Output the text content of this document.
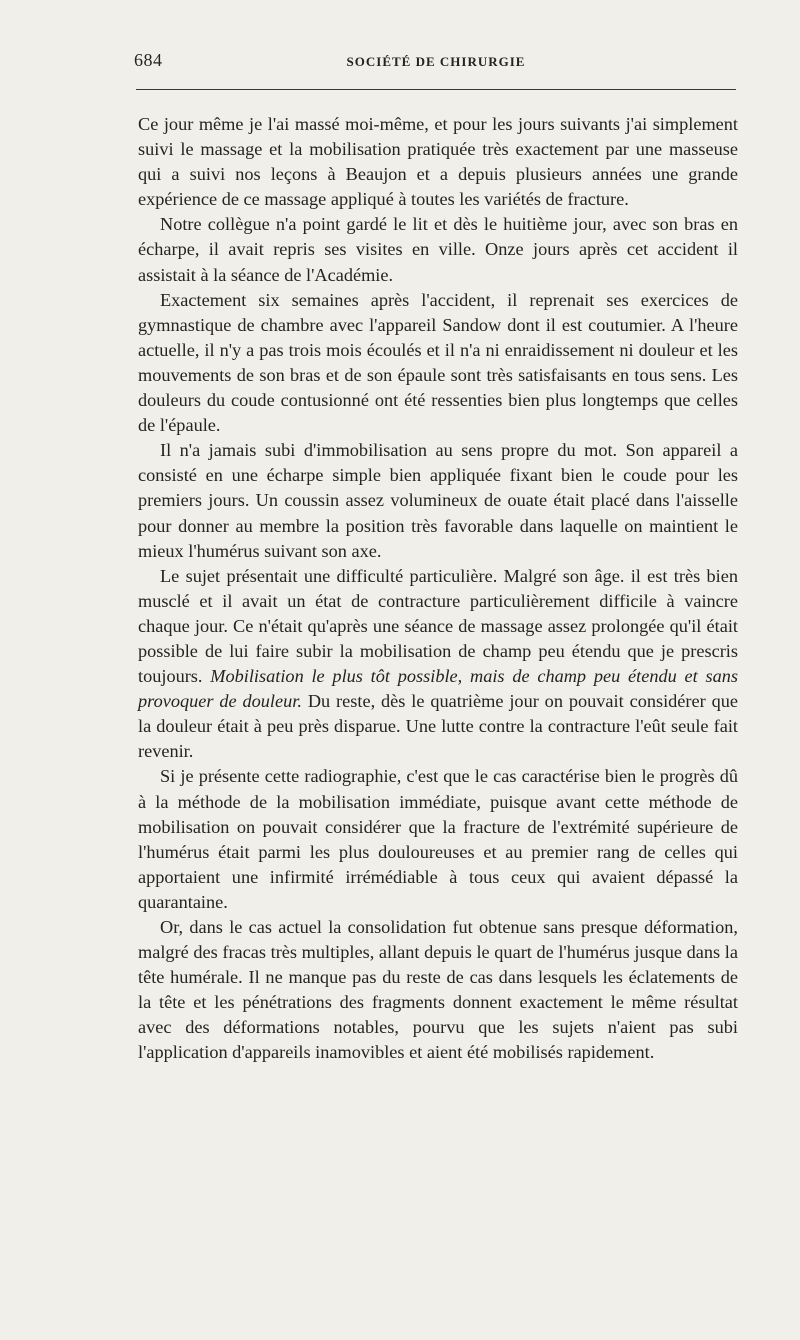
684	SOCIÉTÉ DE CHIRURGIE

Ce jour même je l'ai massé moi-même, et pour les jours suivants j'ai simplement suivi le massage et la mobilisation pratiquée très exactement par une masseuse qui a suivi nos leçons à Beaujon et a depuis plusieurs années une grande expérience de ce massage appliqué à toutes les variétés de fracture.

Notre collègue n'a point gardé le lit et dès le huitième jour, avec son bras en écharpe, il avait repris ses visites en ville. Onze jours après cet accident il assistait à la séance de l'Académie.

Exactement six semaines après l'accident, il reprenait ses exercices de gymnastique de chambre avec l'appareil Sandow dont il est coutumier. A l'heure actuelle, il n'y a pas trois mois écoulés et il n'a ni enraidissement ni douleur et les mouvements de son bras et de son épaule sont très satisfaisants en tous sens. Les douleurs du coude contusionné ont été ressenties bien plus longtemps que celles de l'épaule.

Il n'a jamais subi d'immobilisation au sens propre du mot. Son appareil a consisté en une écharpe simple bien appliquée fixant bien le coude pour les premiers jours. Un coussin assez volumineux de ouate était placé dans l'aisselle pour donner au membre la position très favorable dans laquelle on maintient le mieux l'humérus suivant son axe.

Le sujet présentait une difficulté particulière. Malgré son âge. il est très bien musclé et il avait un état de contracture particulièrement difficile à vaincre chaque jour. Ce n'était qu'après une séance de massage assez prolongée qu'il était possible de lui faire subir la mobilisation de champ peu étendu que je prescris toujours. Mobilisation le plus tôt possible, mais de champ peu étendu et sans provoquer de douleur. Du reste, dès le quatrième jour on pouvait considérer que la douleur était à peu près disparue. Une lutte contre la contracture l'eût seule fait revenir.

Si je présente cette radiographie, c'est que le cas caractérise bien le progrès dû à la méthode de la mobilisation immédiate, puisque avant cette méthode de mobilisation on pouvait considérer que la fracture de l'extrémité supérieure de l'humérus était parmi les plus douloureuses et au premier rang de celles qui apportaient une infirmité irrémédiable à tous ceux qui avaient dépassé la quarantaine.

Or, dans le cas actuel la consolidation fut obtenue sans presque déformation, malgré des fracas très multiples, allant depuis le quart de l'humérus jusque dans la tête humérale. Il ne manque pas du reste de cas dans lesquels les éclatements de la tête et les pénétrations des fragments donnent exactement le même résultat avec des déformations notables, pourvu que les sujets n'aient pas subi l'application d'appareils inamovibles et aient été mobilisés rapidement.
